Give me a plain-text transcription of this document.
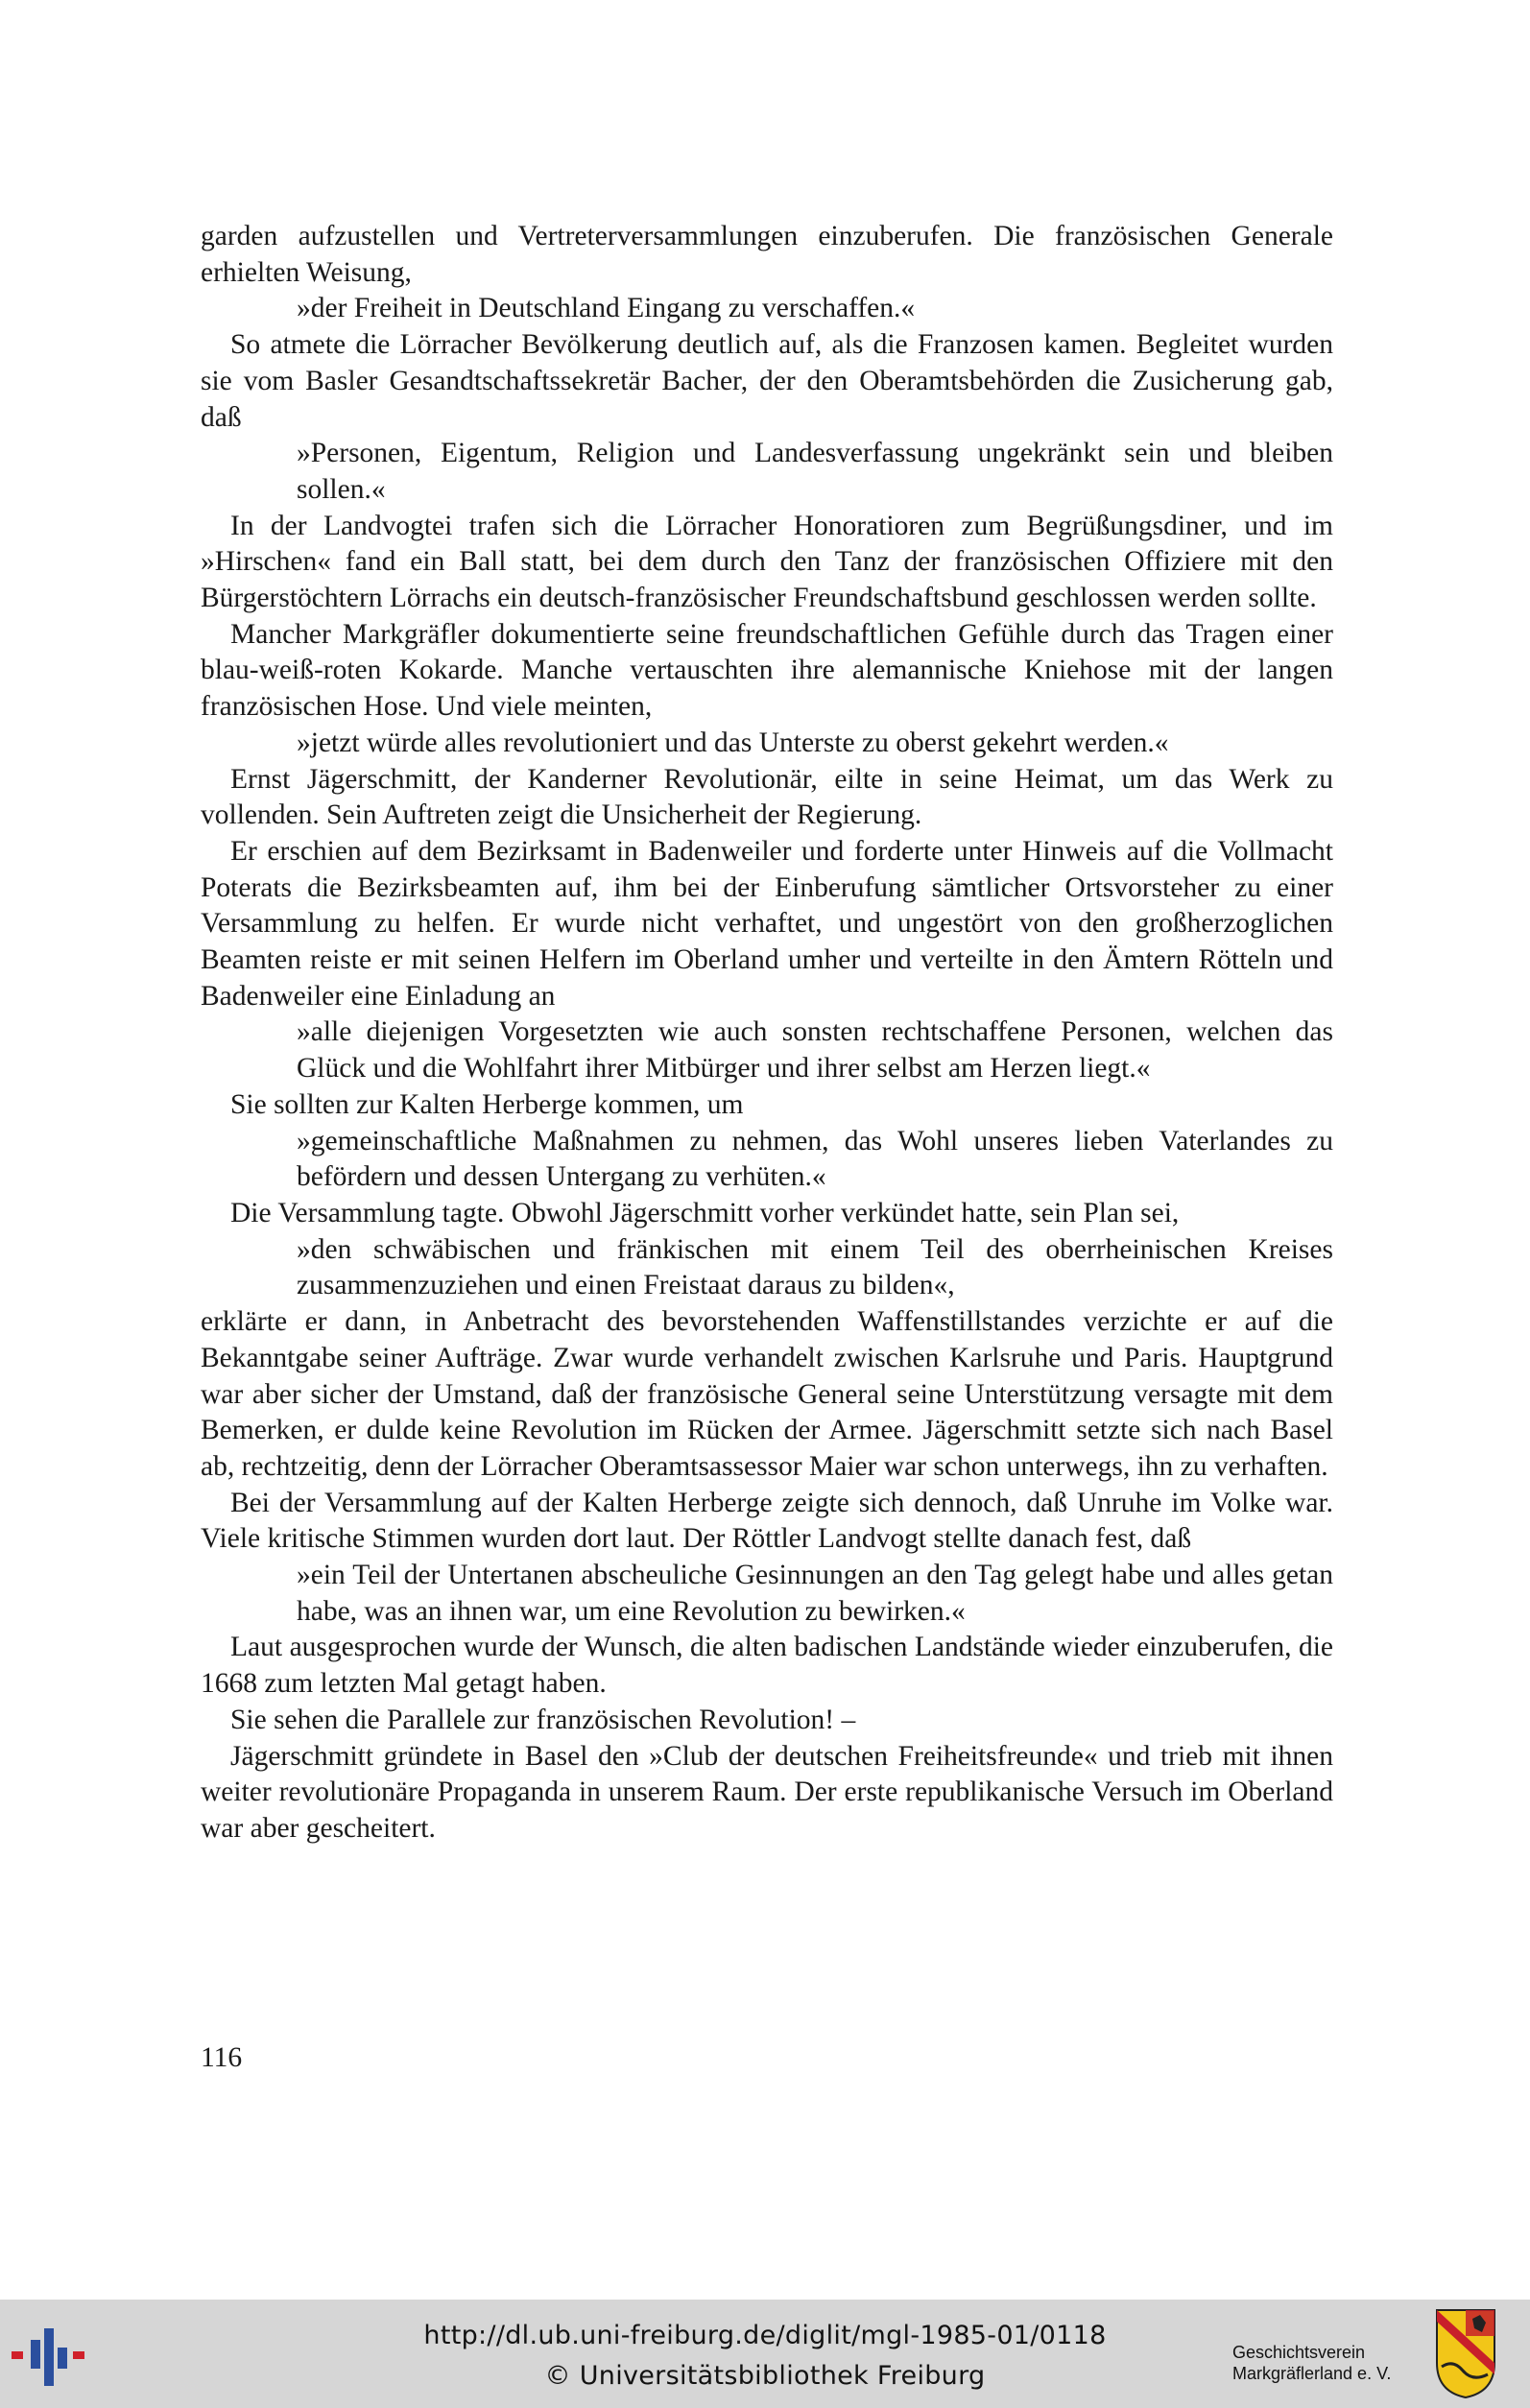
garden aufzustellen und Vertreterversammlungen einzuberufen. Die französischen Generale erhielten Weisung,

»der Freiheit in Deutschland Eingang zu verschaffen.«

So atmete die Lörracher Bevölkerung deutlich auf, als die Franzosen kamen. Begleitet wurden sie vom Basler Gesandtschaftssekretär Bacher, der den Oberamtsbehörden die Zusicherung gab, daß

»Personen, Eigentum, Religion und Landesverfassung ungekränkt sein und bleiben sollen.«

In der Landvogtei trafen sich die Lörracher Honoratioren zum Begrüßungsdiner, und im »Hirschen« fand ein Ball statt, bei dem durch den Tanz der französischen Offiziere mit den Bürgerstöchtern Lörrachs ein deutsch-französischer Freundschaftsbund geschlossen werden sollte.

Mancher Markgräfler dokumentierte seine freundschaftlichen Gefühle durch das Tragen einer blau-weiß-roten Kokarde. Manche vertauschten ihre alemannische Kniehose mit der langen französischen Hose. Und viele meinten,

»jetzt würde alles revolutioniert und das Unterste zu oberst gekehrt werden.«

Ernst Jägerschmitt, der Kanderner Revolutionär, eilte in seine Heimat, um das Werk zu vollenden. Sein Auftreten zeigt die Unsicherheit der Regierung.

Er erschien auf dem Bezirksamt in Badenweiler und forderte unter Hinweis auf die Vollmacht Poterats die Bezirksbeamten auf, ihm bei der Einberufung sämtlicher Ortsvorsteher zu einer Versammlung zu helfen. Er wurde nicht verhaftet, und ungestört von den großherzoglichen Beamten reiste er mit seinen Helfern im Oberland umher und verteilte in den Ämtern Rötteln und Badenweiler eine Einladung an

»alle diejenigen Vorgesetzten wie auch sonsten rechtschaffene Personen, welchen das Glück und die Wohlfahrt ihrer Mitbürger und ihrer selbst am Herzen liegt.«

Sie sollten zur Kalten Herberge kommen, um

»gemeinschaftliche Maßnahmen zu nehmen, das Wohl unseres lieben Vaterlandes zu befördern und dessen Untergang zu verhüten.«

Die Versammlung tagte. Obwohl Jägerschmitt vorher verkündet hatte, sein Plan sei,

»den schwäbischen und fränkischen mit einem Teil des oberrheinischen Kreises zusammenzuziehen und einen Freistaat daraus zu bilden«,

erklärte er dann, in Anbetracht des bevorstehenden Waffenstillstandes verzichte er auf die Bekanntgabe seiner Aufträge. Zwar wurde verhandelt zwischen Karlsruhe und Paris. Hauptgrund war aber sicher der Umstand, daß der französische General seine Unterstützung versagte mit dem Bemerken, er dulde keine Revolution im Rücken der Armee. Jägerschmitt setzte sich nach Basel ab, rechtzeitig, denn der Lörracher Oberamtsassessor Maier war schon unterwegs, ihn zu verhaften.

Bei der Versammlung auf der Kalten Herberge zeigte sich dennoch, daß Unruhe im Volke war. Viele kritische Stimmen wurden dort laut. Der Röttler Landvogt stellte danach fest, daß

»ein Teil der Untertanen abscheuliche Gesinnungen an den Tag gelegt habe und alles getan habe, was an ihnen war, um eine Revolution zu bewirken.«

Laut ausgesprochen wurde der Wunsch, die alten badischen Landstände wieder einzuberufen, die 1668 zum letzten Mal getagt haben.

Sie sehen die Parallele zur französischen Revolution! –

Jägerschmitt gründete in Basel den »Club der deutschen Freiheitsfreunde« und trieb mit ihnen weiter revolutionäre Propaganda in unserem Raum. Der erste republikanische Versuch im Oberland war aber gescheitert.

116
http://dl.ub.uni-freiburg.de/diglit/mgl-1985-01/0118
© Universitätsbibliothek Freiburg
Geschichtsverein
Markgräflerland e. V.
